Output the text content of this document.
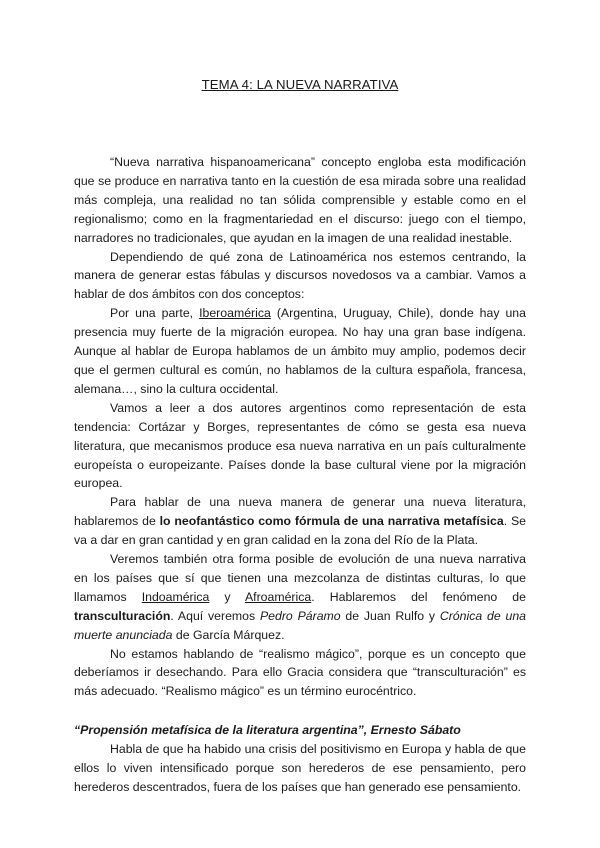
TEMA 4: LA NUEVA NARRATIVA

“Nueva narrativa hispanoamericana” concepto engloba esta modificación que se produce en narrativa tanto en la cuestión de esa mirada sobre una realidad más compleja, una realidad no tan sólida comprensible y estable como en el regionalismo; como en la fragmentariedad en el discurso: juego con el tiempo, narradores no tradicionales, que ayudan en la imagen de una realidad inestable.

Dependiendo de qué zona de Latinoamérica nos estemos centrando, la manera de generar estas fábulas y discursos novedosos va a cambiar. Vamos a hablar de dos ámbitos con dos conceptos:

Por una parte, Iberoamérica (Argentina, Uruguay, Chile), donde hay una presencia muy fuerte de la migración europea. No hay una gran base indígena. Aunque al hablar de Europa hablamos de un ámbito muy amplio, podemos decir que el germen cultural es común, no hablamos de la cultura española, francesa, alemana…, sino la cultura occidental.

Vamos a leer a dos autores argentinos como representación de esta tendencia: Cortázar y Borges, representantes de cómo se gesta esa nueva literatura, que mecanismos produce esa nueva narrativa en un país culturalmente europeísta o europeizante. Países donde la base cultural viene por la migración europea.

Para hablar de una nueva manera de generar una nueva literatura, hablaremos de lo neofantástico como fórmula de una narrativa metafísica. Se va a dar en gran cantidad y en gran calidad en la zona del Río de la Plata.

Veremos también otra forma posible de evolución de una nueva narrativa en los países que sí que tienen una mezcolanza de distintas culturas, lo que llamamos Indoamérica y Afroamérica. Hablaremos del fenómeno de transculturación. Aquí veremos Pedro Páramo de Juan Rulfo y Crónica de una muerte anunciada de García Márquez.

No estamos hablando de “realismo mágico”, porque es un concepto que deberíamos ir desechando. Para ello Gracia considera que “transculturación” es más adecuado. “Realismo mágico” es un término eurocéntrico.

“Propensión metafísica de la literatura argentina”, Ernesto Sábato

Habla de que ha habido una crisis del positivismo en Europa y habla de que ellos lo viven intensificado porque son herederos de ese pensamiento, pero herederos descentrados, fuera de los países que han generado ese pensamiento.
